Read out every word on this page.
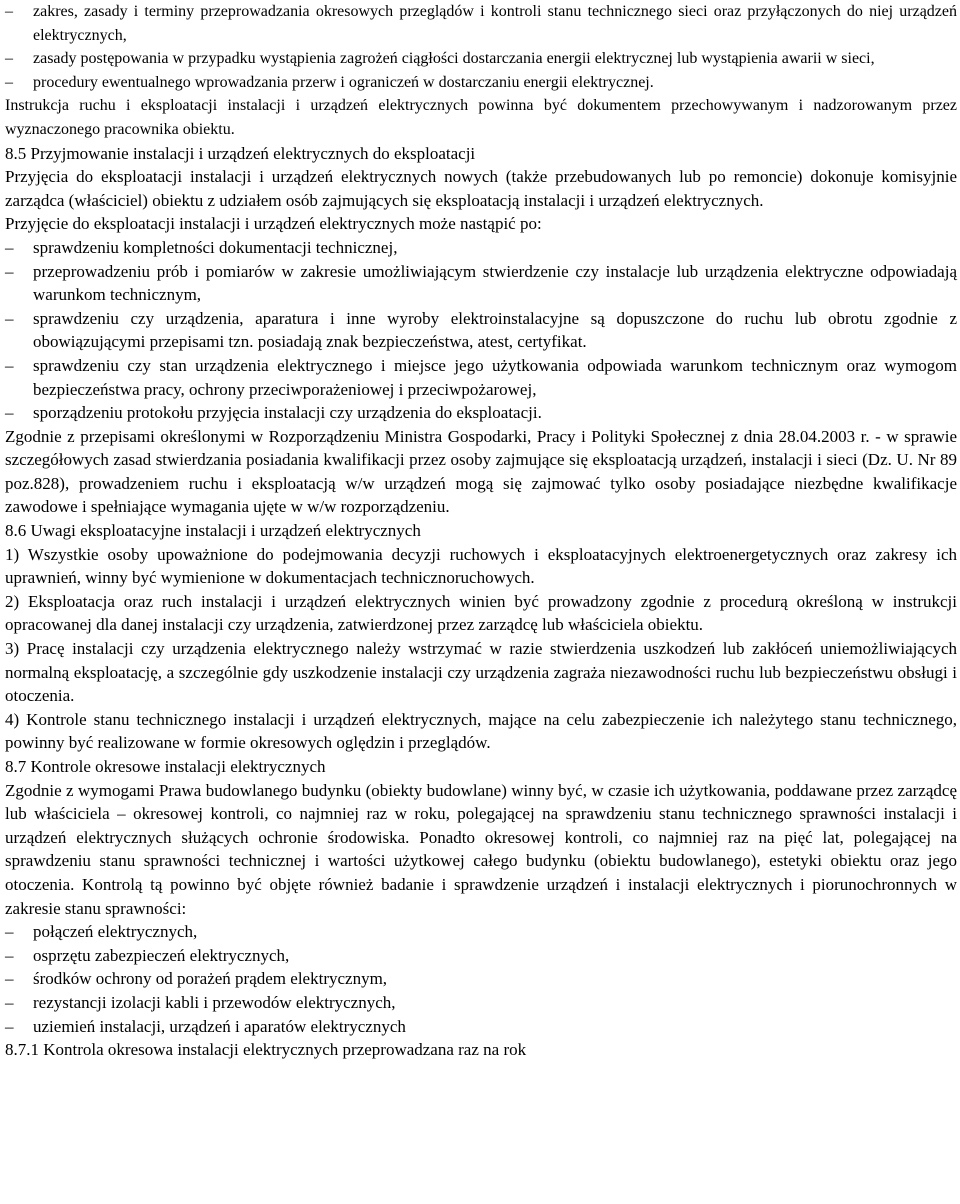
–	zakres, zasady i terminy przeprowadzania okresowych przeglądów i kontroli stanu technicznego sieci oraz przyłączonych do niej urządzeń elektrycznych,
–	zasady postępowania w przypadku wystąpienia zagrożeń ciągłości dostarczania energii elektrycznej lub wystąpienia awarii w sieci,
–	procedury ewentualnego wprowadzania przerw i ograniczeń w dostarczaniu energii elektrycznej.

Instrukcja ruchu i eksploatacji instalacji i urządzeń elektrycznych powinna być dokumentem przechowywanym i nadzorowanym przez wyznaczonego pracownika obiektu.

8.5 Przyjmowanie instalacji i urządzeń elektrycznych do eksploatacji

Przyjęcia do eksploatacji instalacji i urządzeń elektrycznych nowych (także przebudowanych lub po remoncie) dokonuje komisyjnie zarządca (właściciel) obiektu z udziałem osób zajmujących się eksploatacją instalacji i urządzeń elektrycznych.

Przyjęcie do eksploatacji instalacji i urządzeń elektrycznych może nastąpić po:

–	sprawdzeniu kompletności dokumentacji technicznej,
–	przeprowadzeniu prób i pomiarów w zakresie umożliwiającym stwierdzenie czy instalacje lub urządzenia elektryczne odpowiadają warunkom technicznym,
–	sprawdzeniu czy urządzenia, aparatura i inne wyroby elektroinstalacyjne są dopuszczone do ruchu lub obrotu zgodnie z obowiązującymi przepisami tzn. posiadają znak bezpieczeństwa, atest, certyfikat.
–	sprawdzeniu czy stan urządzenia elektrycznego i miejsce jego użytkowania odpowiada warunkom technicznym oraz wymogom bezpieczeństwa pracy, ochrony przeciwporażeniowej i przeciwpożarowej,
–	sporządzeniu protokołu przyjęcia instalacji czy urządzenia do eksploatacji.

Zgodnie z przepisami określonymi w Rozporządzeniu Ministra Gospodarki, Pracy i Polityki Społecznej z dnia 28.04.2003 r. - w sprawie szczegółowych zasad stwierdzania posiadania kwalifikacji przez osoby zajmujące się eksploatacją urządzeń, instalacji i sieci (Dz. U. Nr 89 poz.828), prowadzeniem ruchu i eksploatacją w/w urządzeń mogą się zajmować tylko osoby posiadające niezbędne kwalifikacje zawodowe i spełniające wymagania ujęte w w/w rozporządzeniu.

8.6 Uwagi eksploatacyjne instalacji i urządzeń elektrycznych

1) Wszystkie osoby upoważnione do podejmowania decyzji ruchowych i eksploatacyjnych elektroenergetycznych oraz zakresy ich uprawnień, winny być wymienione w dokumentacjach technicznoruchowych.

2) Eksploatacja oraz ruch instalacji i urządzeń elektrycznych winien być prowadzony zgodnie z procedurą określoną w instrukcji opracowanej dla danej instalacji czy urządzenia, zatwierdzonej przez zarządcę lub właściciela obiektu.

3) Pracę instalacji czy urządzenia elektrycznego należy wstrzymać w razie stwierdzenia uszkodzeń lub zakłóceń uniemożliwiających normalną eksploatację, a szczególnie gdy uszkodzenie instalacji czy urządzenia zagraża niezawodności ruchu lub bezpieczeństwu obsługi i otoczenia.

4) Kontrole stanu technicznego instalacji i urządzeń elektrycznych, mające na celu zabezpieczenie ich należytego stanu technicznego, powinny być realizowane w formie okresowych oględzin i przeglądów.

8.7 Kontrole okresowe instalacji elektrycznych

Zgodnie z wymogami Prawa budowlanego budynku (obiekty budowlane) winny być, w czasie ich użytkowania, poddawane przez zarządcę lub właściciela – okresowej kontroli, co najmniej raz w roku, polegającej na sprawdzeniu stanu technicznego sprawności instalacji i urządzeń elektrycznych służących ochronie środowiska. Ponadto okresowej kontroli, co najmniej raz na pięć lat, polegającej na sprawdzeniu stanu sprawności technicznej i wartości użytkowej całego budynku (obiektu budowlanego), estetyki obiektu oraz jego otoczenia. Kontrolą tą powinno być objęte również badanie i sprawdzenie urządzeń i instalacji elektrycznych i piorunochronnych w zakresie stanu sprawności:

–	połączeń elektrycznych,
–	osprzętu zabezpieczeń elektrycznych,
–	środków ochrony od porażeń prądem elektrycznym,
–	rezystancji izolacji kabli i przewodów elektrycznych,
–	uziemień instalacji, urządzeń i aparatów elektrycznych

8.7.1 Kontrola okresowa instalacji elektrycznych przeprowadzana raz na rok
